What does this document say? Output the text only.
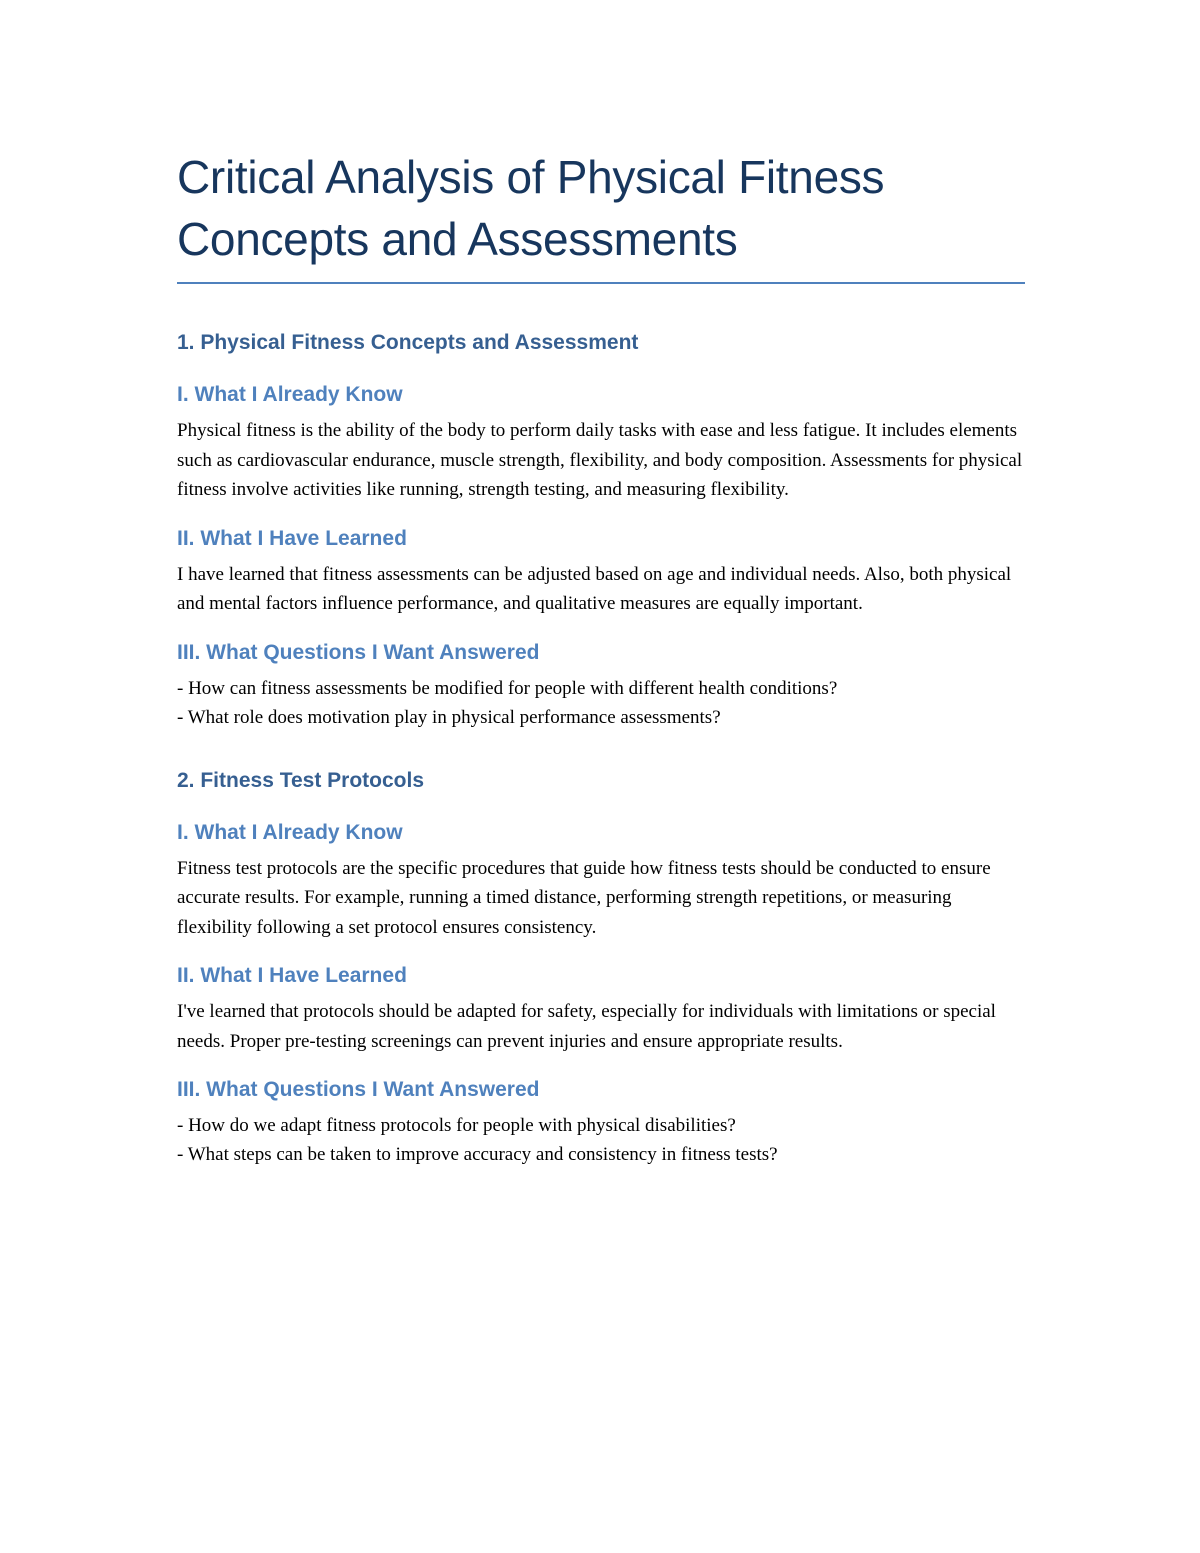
Critical Analysis of Physical Fitness Concepts and Assessments
1. Physical Fitness Concepts and Assessment
I. What I Already Know

Physical fitness is the ability of the body to perform daily tasks with ease and less fatigue. It includes elements such as cardiovascular endurance, muscle strength, flexibility, and body composition. Assessments for physical fitness involve activities like running, strength testing, and measuring flexibility.

II. What I Have Learned

I have learned that fitness assessments can be adjusted based on age and individual needs. Also, both physical and mental factors influence performance, and qualitative measures are equally important.

III. What Questions I Want Answered
- How can fitness assessments be modified for people with different health conditions?
- What role does motivation play in physical performance assessments?
2. Fitness Test Protocols
I. What I Already Know

Fitness test protocols are the specific procedures that guide how fitness tests should be conducted to ensure accurate results. For example, running a timed distance, performing strength repetitions, or measuring flexibility following a set protocol ensures consistency.

II. What I Have Learned

I've learned that protocols should be adapted for safety, especially for individuals with limitations or special needs. Proper pre-testing screenings can prevent injuries and ensure appropriate results.

III. What Questions I Want Answered
- How do we adapt fitness protocols for people with physical disabilities?
- What steps can be taken to improve accuracy and consistency in fitness tests?
